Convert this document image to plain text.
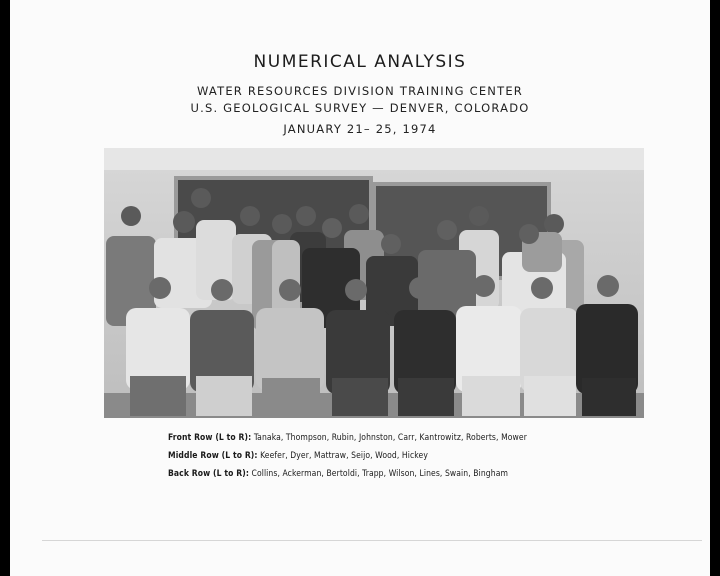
NUMERICAL ANALYSIS
WATER RESOURCES DIVISION TRAINING CENTER
U.S. GEOLOGICAL SURVEY — DENVER, COLORADO
JANUARY 21– 25, 1974
Front Row (L to R): Tanaka, Thompson, Rubin, Johnston, Carr, Kantrowitz, Roberts, Mower
Middle Row (L to R): Keefer, Dyer, Mattraw, Seijo, Wood, Hickey
Back Row (L to R): Collins, Ackerman, Bertoldi, Trapp, Wilson, Lines, Swain, Bingham
